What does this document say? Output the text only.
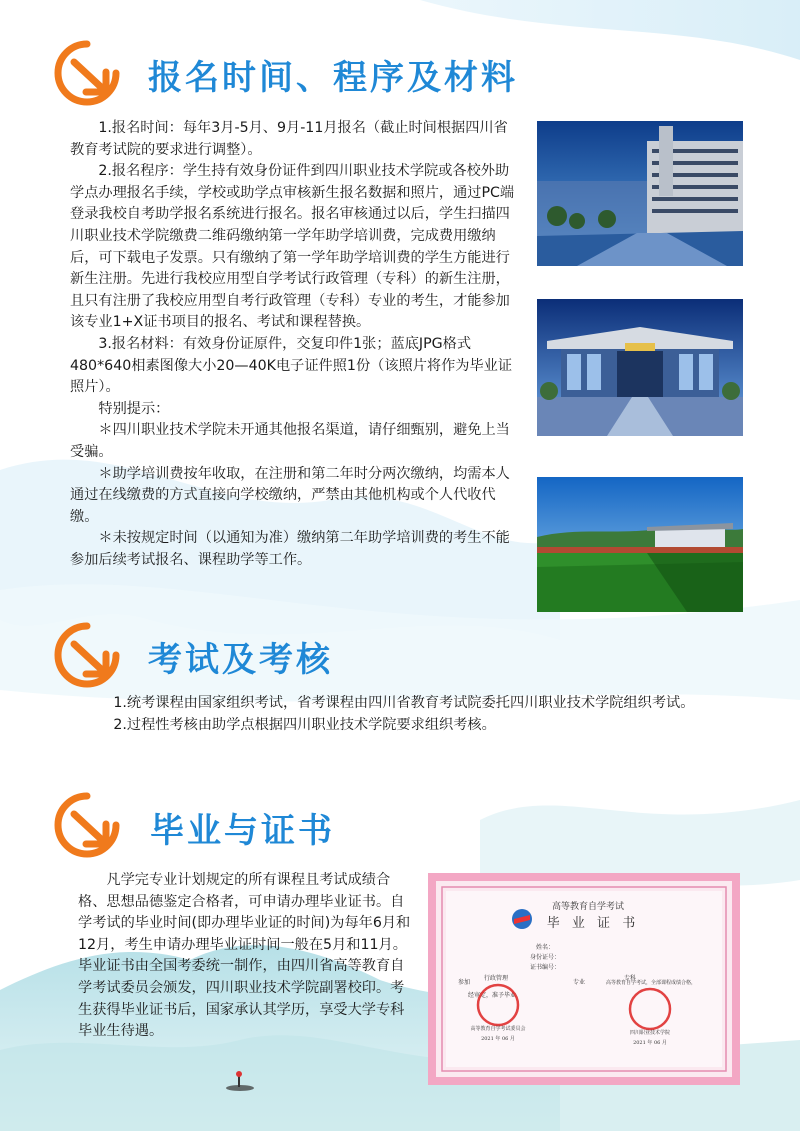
报名时间、程序及材料

1.报名时间：每年3月-5月、9月-11月报名（截止时间根据四川省教育考试院的要求进行调整）。

2.报名程序：学生持有效身份证件到四川职业技术学院或各校外助学点办理报名手续，学校或助学点审核新生报名数据和照片，通过PC端登录我校自考助学报名系统进行报名。报名审核通过以后，学生扫描四川职业技术学院缴费二维码缴纳第一学年助学培训费，完成费用缴纳后，可下载电子发票。只有缴纳了第一学年助学培训费的学生方能进行新生注册。先进行我校应用型自学考试行政管理（专科）的新生注册，且只有注册了我校应用型自考行政管理（专科）专业的考生，才能参加该专业1+X证书项目的报名、考试和课程替换。

3.报名材料：有效身份证原件，交复印件1张；蓝底JPG格式480*640相素图像大小20—40K电子证件照1份（该照片将作为毕业证照片）。

特别提示：

＊四川职业技术学院未开通其他报名渠道，请仔细甄别，避免上当受骗。

＊助学培训费按年收取，在注册和第二年时分两次缴纳，均需本人通过在线缴费的方式直接向学校缴纳，严禁由其他机构或个人代收代缴。

＊未按规定时间（以通知为准）缴纳第二年助学培训费的考生不能参加后续考试报名、课程助学等工作。

考试及考核

1.统考课程由国家组织考试，省考课程由四川省教育考试院委托四川职业技术学院组织考试。

2.过程性考核由助学点根据四川职业技术学院要求组织考核。

毕业与证书

凡学完专业计划规定的所有课程且考试成绩合格、思想品德鉴定合格者，可申请办理毕业证书。自学考试的毕业时间(即办理毕业证的时间)为每年6月和12月，考生申请办理毕业证时间一般在5月和11月。毕业证书由全国考委统一制作，由四川省高等教育自学考试委员会颁发，四川职业技术学院副署校印。考生获得毕业证书后，国家承认其学历，享受大学专科毕业生待遇。

高等教育自学考试
毕 业 证 书
姓名：
身份证号：
证书编号：
参加
行政管理
专业
专科
高等教育自学考试，全部课程成绩合格，
经审定，准予毕业
高等教育自学考试委员会
四川职业技术学院
2021 年 06 月
2021 年 06 月
